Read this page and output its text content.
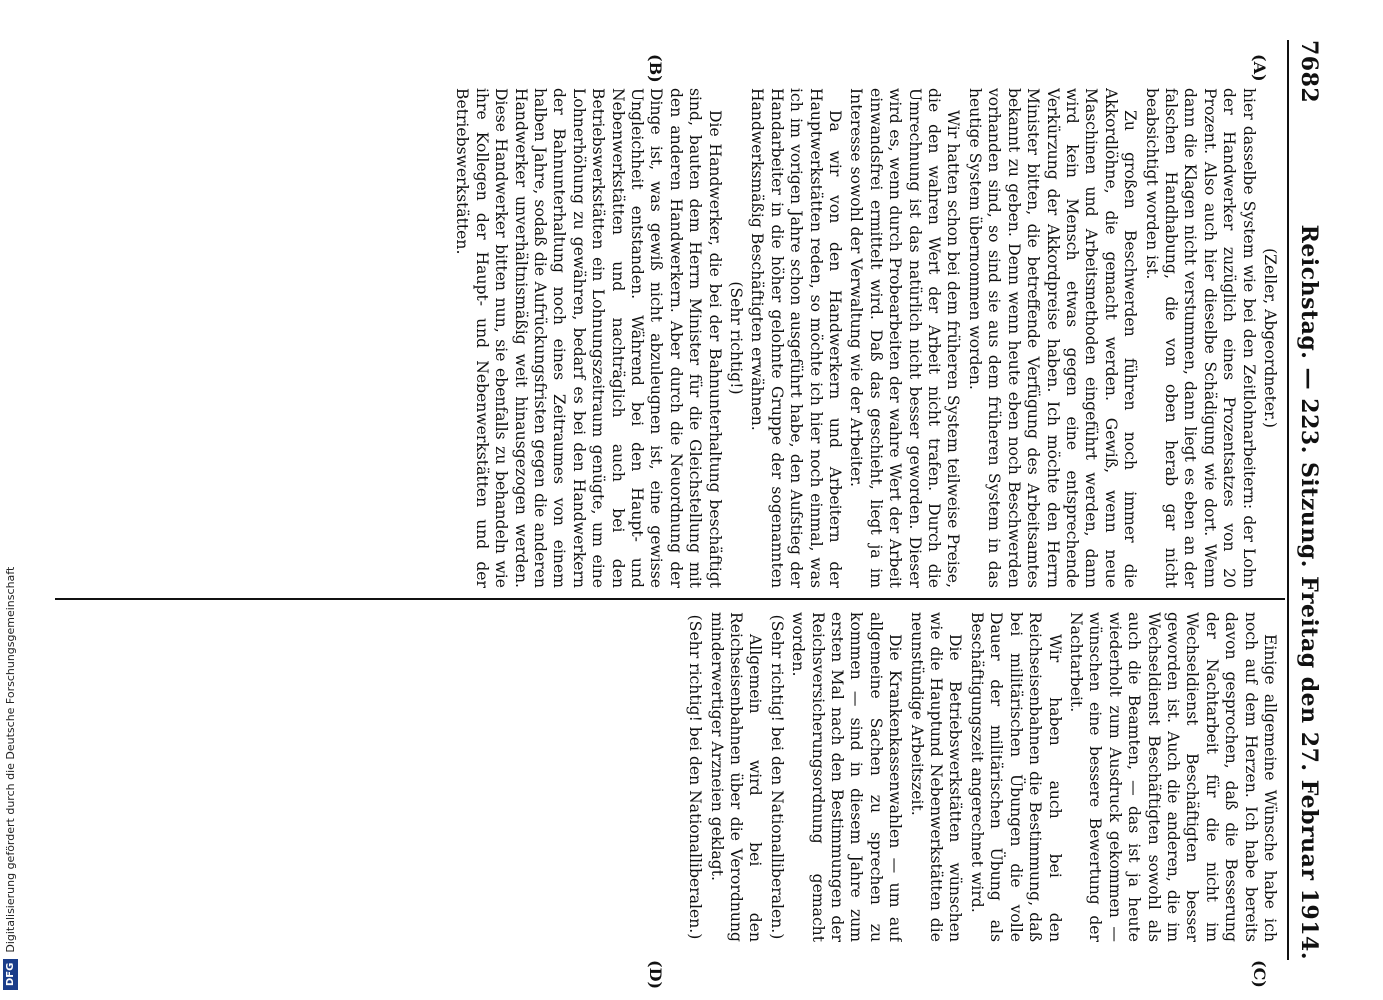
DFG
Digitalisierung gefördert durch die Deutsche Forschungsgemeinschaft
7682
Reichstag. — 223. Sitzung. Freitag den 27. Februar 1914.
(A)
(B)
(C)
(D)

(Zeller, Abgeordneter.)

hier dasselbe System wie bei den Zeitlohnarbeitern: der Lohn der Handwerker zuzüglich eines Prozentsatzes von 20 Prozent. Also auch hier dieselbe Schädigung wie dort. Wenn dann die Klagen nicht verstummen, dann liegt es eben an der falschen Handhabung, die von oben herab gar nicht beabsichtigt worden ist.

Zu großen Beschwerden führen noch immer die Akkordlöhne, die gemacht werden. Gewiß, wenn neue Maschinen und Arbeitsmethoden eingeführt werden, dann wird kein Mensch etwas gegen eine entsprechende Verkürzung der Akkordpreise haben. Ich möchte den Herrn Minister bitten, die betreffende Verfügung des Arbeitsamtes bekannt zu geben. Denn wenn heute eben noch Beschwerden vorhanden sind, so sind sie aus dem früheren System in das heutige System übernommen worden.

Wir hatten schon bei dem früheren System teilweise Preise, die den wahren Wert der Arbeit nicht trafen. Durch die Umrechnung ist das natürlich nicht besser geworden. Dieser wird es, wenn durch Probearbeiten der wahre Wert der Arbeit einwandsfrei ermittelt wird. Daß das geschieht, liegt ja im Interesse sowohl der Verwaltung wie der Arbeiter.

Da wir von den Handwerkern und Arbeitern der Hauptwerkstätten reden, so möchte ich hier noch einmal, was ich im vorigen Jahre schon ausgeführt habe, den Aufstieg der Handarbeiter in die höher gelohnte Gruppe der sogenannten Handwerksmäßig Beschäftigten erwähnen.

(Sehr richtig!)

Die Handwerker, die bei der Bahnunterhaltung beschäftigt sind, bauten dem Herrn Minister für die Gleichstellung mit den anderen Handwerkern. Aber durch die Neuordnung der Dinge ist, was gewiß nicht abzuleugnen ist, eine gewisse Ungleichheit entstanden. Während bei den Haupt- und Nebenwerkstätten und nachträglich auch bei den Betriebswerkstätten ein Lohnungszeitraum genügte, um eine Lohnerhöhung zu gewähren, bedarf es bei den Handwerkern der Bahnunterhaltung noch eines Zeitraumes von einem halben Jahre, sodaß die Aufrückungsfristen gegen die anderen Handwerker unverhältnismäßig weit hinausgezogen werden. Diese Handwerker bitten nun, sie ebenfalls zu behandeln wie ihre Kollegen der Haupt- und Nebenwerkstätten und der Betriebswerkstätten.

Einige allgemeine Wünsche habe ich noch auf dem Herzen. Ich habe bereits davon gesprochen, daß die Besserung der Nachtarbeit für die nicht im Wechseldienst Beschäftigten besser geworden ist. Auch die anderen, die im Wechseldienst Beschäftigten sowohl als auch die Beamten, — das ist ja heute wiederholt zum Ausdruck gekommen — wünschen eine bessere Bewertung der Nachtarbeit.

Wir haben auch bei den Reichseisenbahnen die Bestimmung, daß bei militärischen Übungen die volle Dauer der militärischen Übung als Beschäftigungszeit angerechnet wird.

Die Betriebswerkstätten wünschen wie die Hauptund Nebenwerkstätten die neunstündige Arbeitszeit.

Die Krankenkassenwahlen — um auf allgemeine Sachen zu sprechen zu kommen — sind in diesem Jahre zum ersten Mal nach den Bestimmungen der Reichsversicherungsordnung gemacht worden.

(Sehr richtig! bei den Nationalliberalen.)

Allgemein wird bei den Reichseisenbahnen über die Verordnung minderwertiger Arzneien geklagt.

(Sehr richtig! bei den Nationalliberalen.)
